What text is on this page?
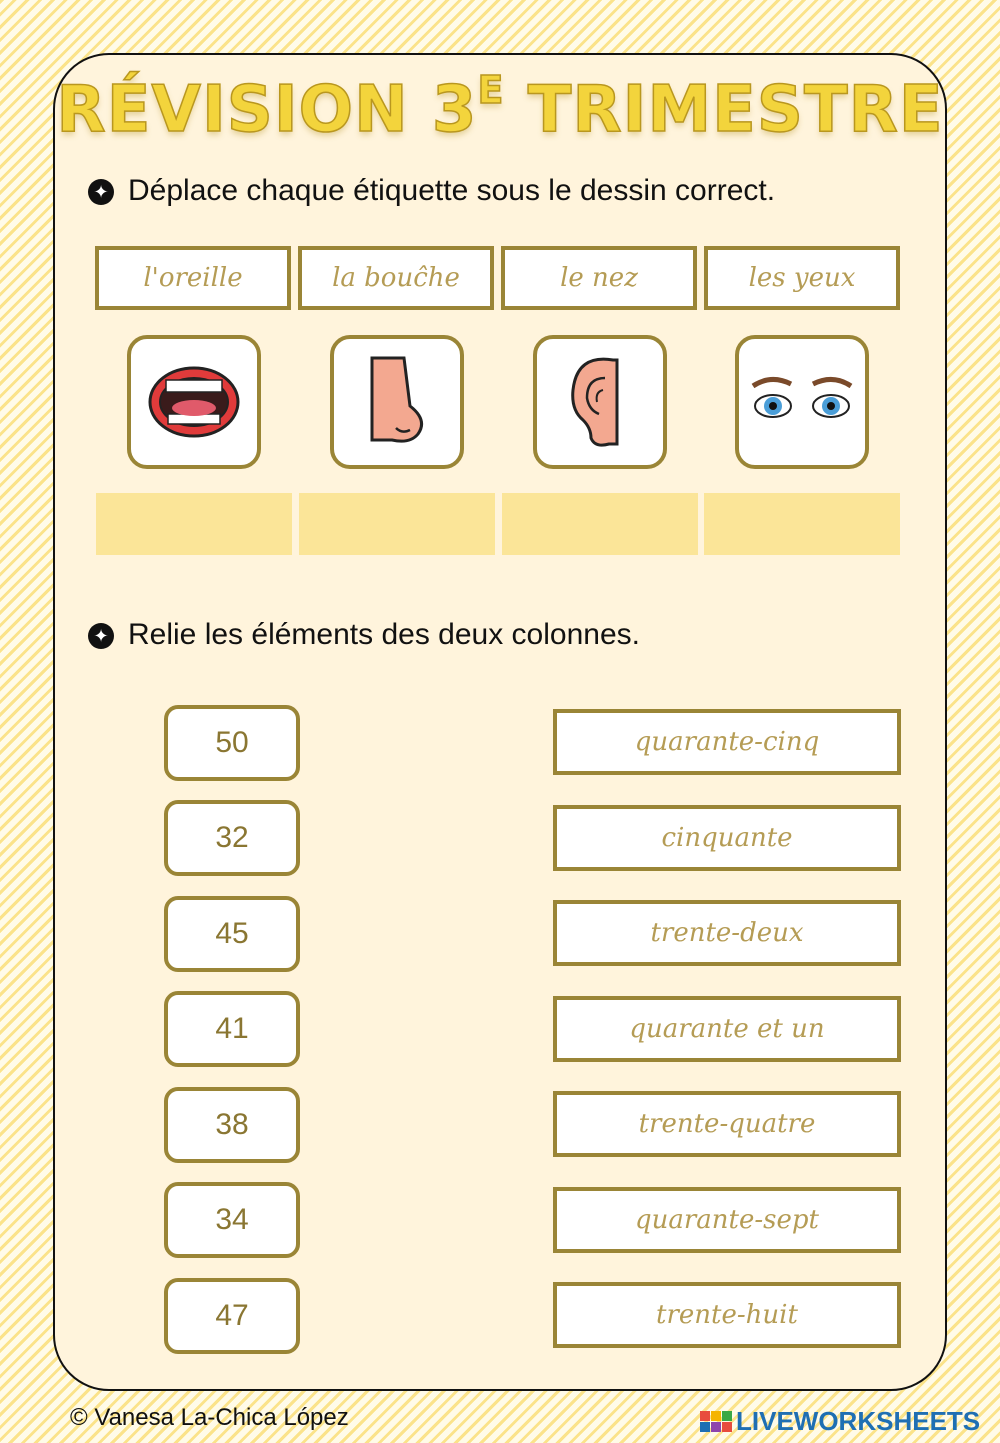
RÉVISION $3^E$ TRIMESTRE
✦ Déplace chaque étiquette sous le dessin correct.
l'oreille	la bouĉhe	le nez	les yeux
✦ Relie les éléments des deux colonnes.
50
32
45
41
38
34
47
quarante-cinq
cinquante
trente-deux
quarante et un
trente-quatre
quarante-sept
trente-huit
© Vanesa La-Chica López	LIVEWORKSHEETS
